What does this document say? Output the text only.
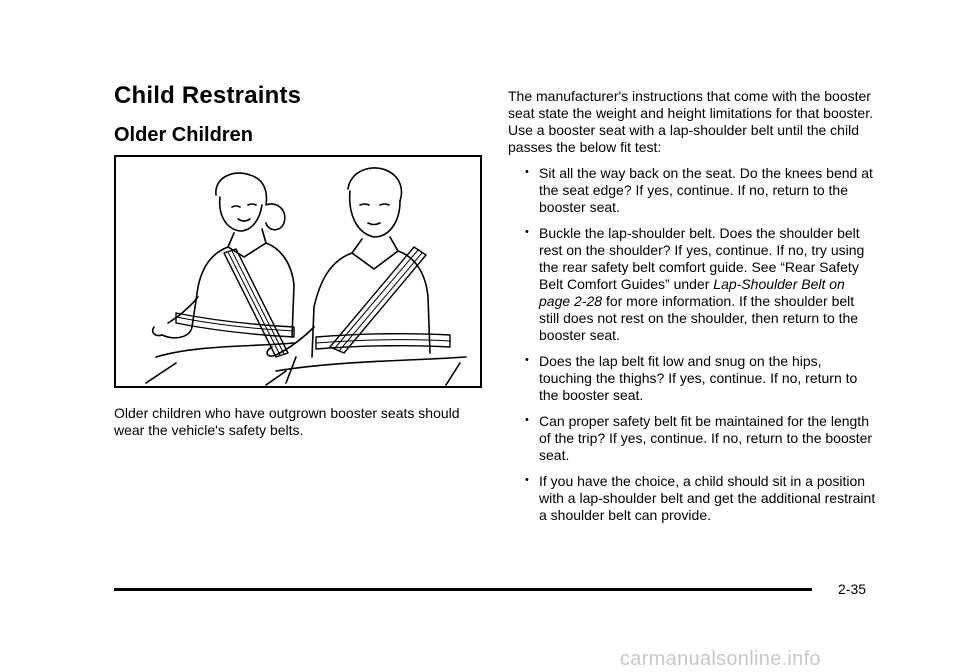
Child Restraints
Older Children
Older children who have outgrown booster seats should wear the vehicle's safety belts.

The manufacturer's instructions that come with the booster seat state the weight and height limitations for that booster. Use a booster seat with a lap-shoulder belt until the child passes the below fit test:

• Sit all the way back on the seat. Do the knees bend at the seat edge? If yes, continue. If no, return to the booster seat.
• Buckle the lap-shoulder belt. Does the shoulder belt rest on the shoulder? If yes, continue. If no, try using the rear safety belt comfort guide. See “Rear Safety Belt Comfort Guides” under Lap-Shoulder Belt on page 2-28 for more information. If the shoulder belt still does not rest on the shoulder, then return to the booster seat.
• Does the lap belt fit low and snug on the hips, touching the thighs? If yes, continue. If no, return to the booster seat.
• Can proper safety belt fit be maintained for the length of the trip? If yes, continue. If no, return to the booster seat.
• If you have the choice, a child should sit in a position with a lap-shoulder belt and get the additional restraint a shoulder belt can provide.
2-35
carmanualsonline.info
